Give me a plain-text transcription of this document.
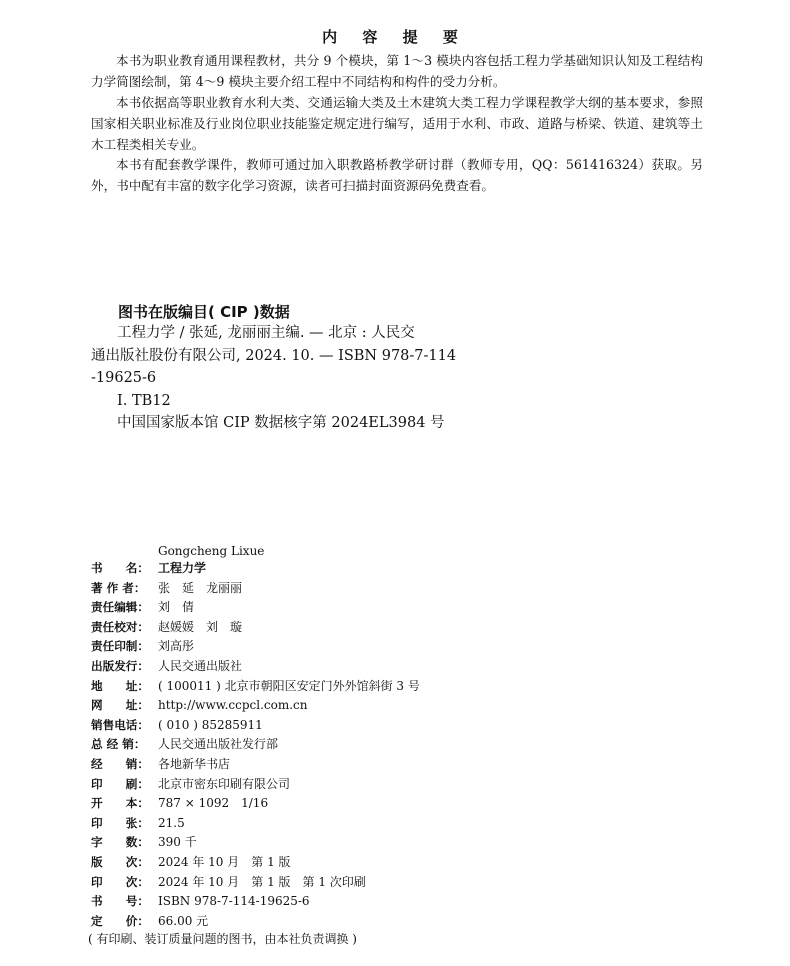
内 容 提 要

本书为职业教育通用课程教材，共分 9 个模块，第 1～3 模块内容包括工程力学基础知识认知及工程结构力学简图绘制，第 4～9 模块主要介绍工程中不同结构和构件的受力分析。

本书依据高等职业教育水利大类、交通运输大类及土木建筑大类工程力学课程教学大纲的基本要求，参照国家相关职业标准及行业岗位职业技能鉴定规定进行编写，适用于水利、市政、道路与桥梁、铁道、建筑等土木工程类相关专业。

本书有配套教学课件，教师可通过加入职教路桥教学研讨群（教师专用，QQ：561416324）获取。另外，书中配有丰富的数字化学习资源，读者可扫描封面资源码免费查看。

图书在版编目( CIP )数据
工程力学 / 张延, 龙丽丽主编. — 北京 : 人民交
通出版社股份有限公司, 2024. 10. — ISBN 978-7-114
-19625-6
Ⅰ. TB12
中国国家版本馆 CIP 数据核字第 2024EL3984 号
Gongcheng Lixue
书　　名： 工程力学
著 作 者：	张　延　龙丽丽
责任编辑： 刘　倩
责任校对： 赵媛媛　刘　璇
责任印制： 刘高彤
出版发行： 人民交通出版社
地　　址： ( 100011 ) 北京市朝阳区安定门外外馆斜街 3 号
网　　址： http://www.ccpcl.com.cn
销售电话： ( 010 ) 85285911
总 经 销：	人民交通出版社发行部
经　　销： 各地新华书店
印　　刷： 北京市密东印刷有限公司
开　　本： 787 × 1092　1/16
印　　张： 21.5
字　　数： 390 千
版　　次： 2024 年 10 月　第 1 版
印　　次： 2024 年 10 月　第 1 版　第 1 次印刷
书　　号： ISBN 978-7-114-19625-6
定　　价： 66.00 元
( 有印刷、装订质量问题的图书，由本社负责调换 )
